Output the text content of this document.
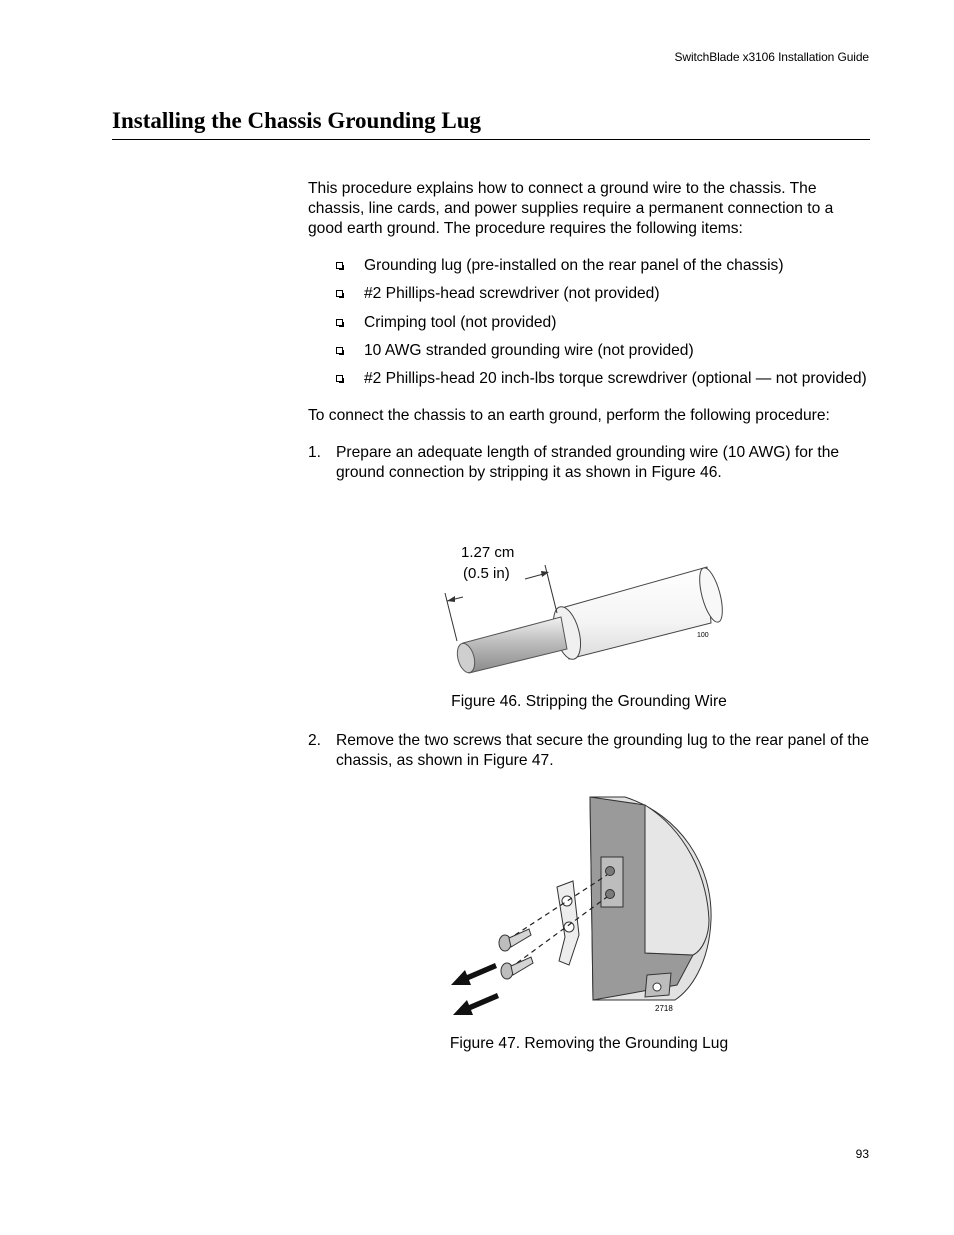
SwitchBlade x3106 Installation Guide
Installing the Chassis Grounding Lug

This procedure explains how to connect a ground wire to the chassis. The chassis, line cards, and power supplies require a permanent connection to a good earth ground. The procedure requires the following items:

Grounding lug (pre-installed on the rear panel of the chassis)
#2 Phillips-head screwdriver (not provided)
Crimping tool (not provided)
10 AWG stranded grounding wire (not provided)
#2 Phillips-head 20 inch-lbs torque screwdriver (optional — not provided)

To connect the chassis to an earth ground, perform the following procedure:

1. Prepare an adequate length of stranded grounding wire (10 AWG) for the ground connection by stripping it as shown in Figure 46.
1.27 cm
(0.5 in)
100
Figure 46. Stripping the Grounding Wire
2. Remove the two screws that secure the grounding lug to the rear panel of the chassis, as shown in Figure 47.
2718
Figure 47. Removing the Grounding Lug
93
